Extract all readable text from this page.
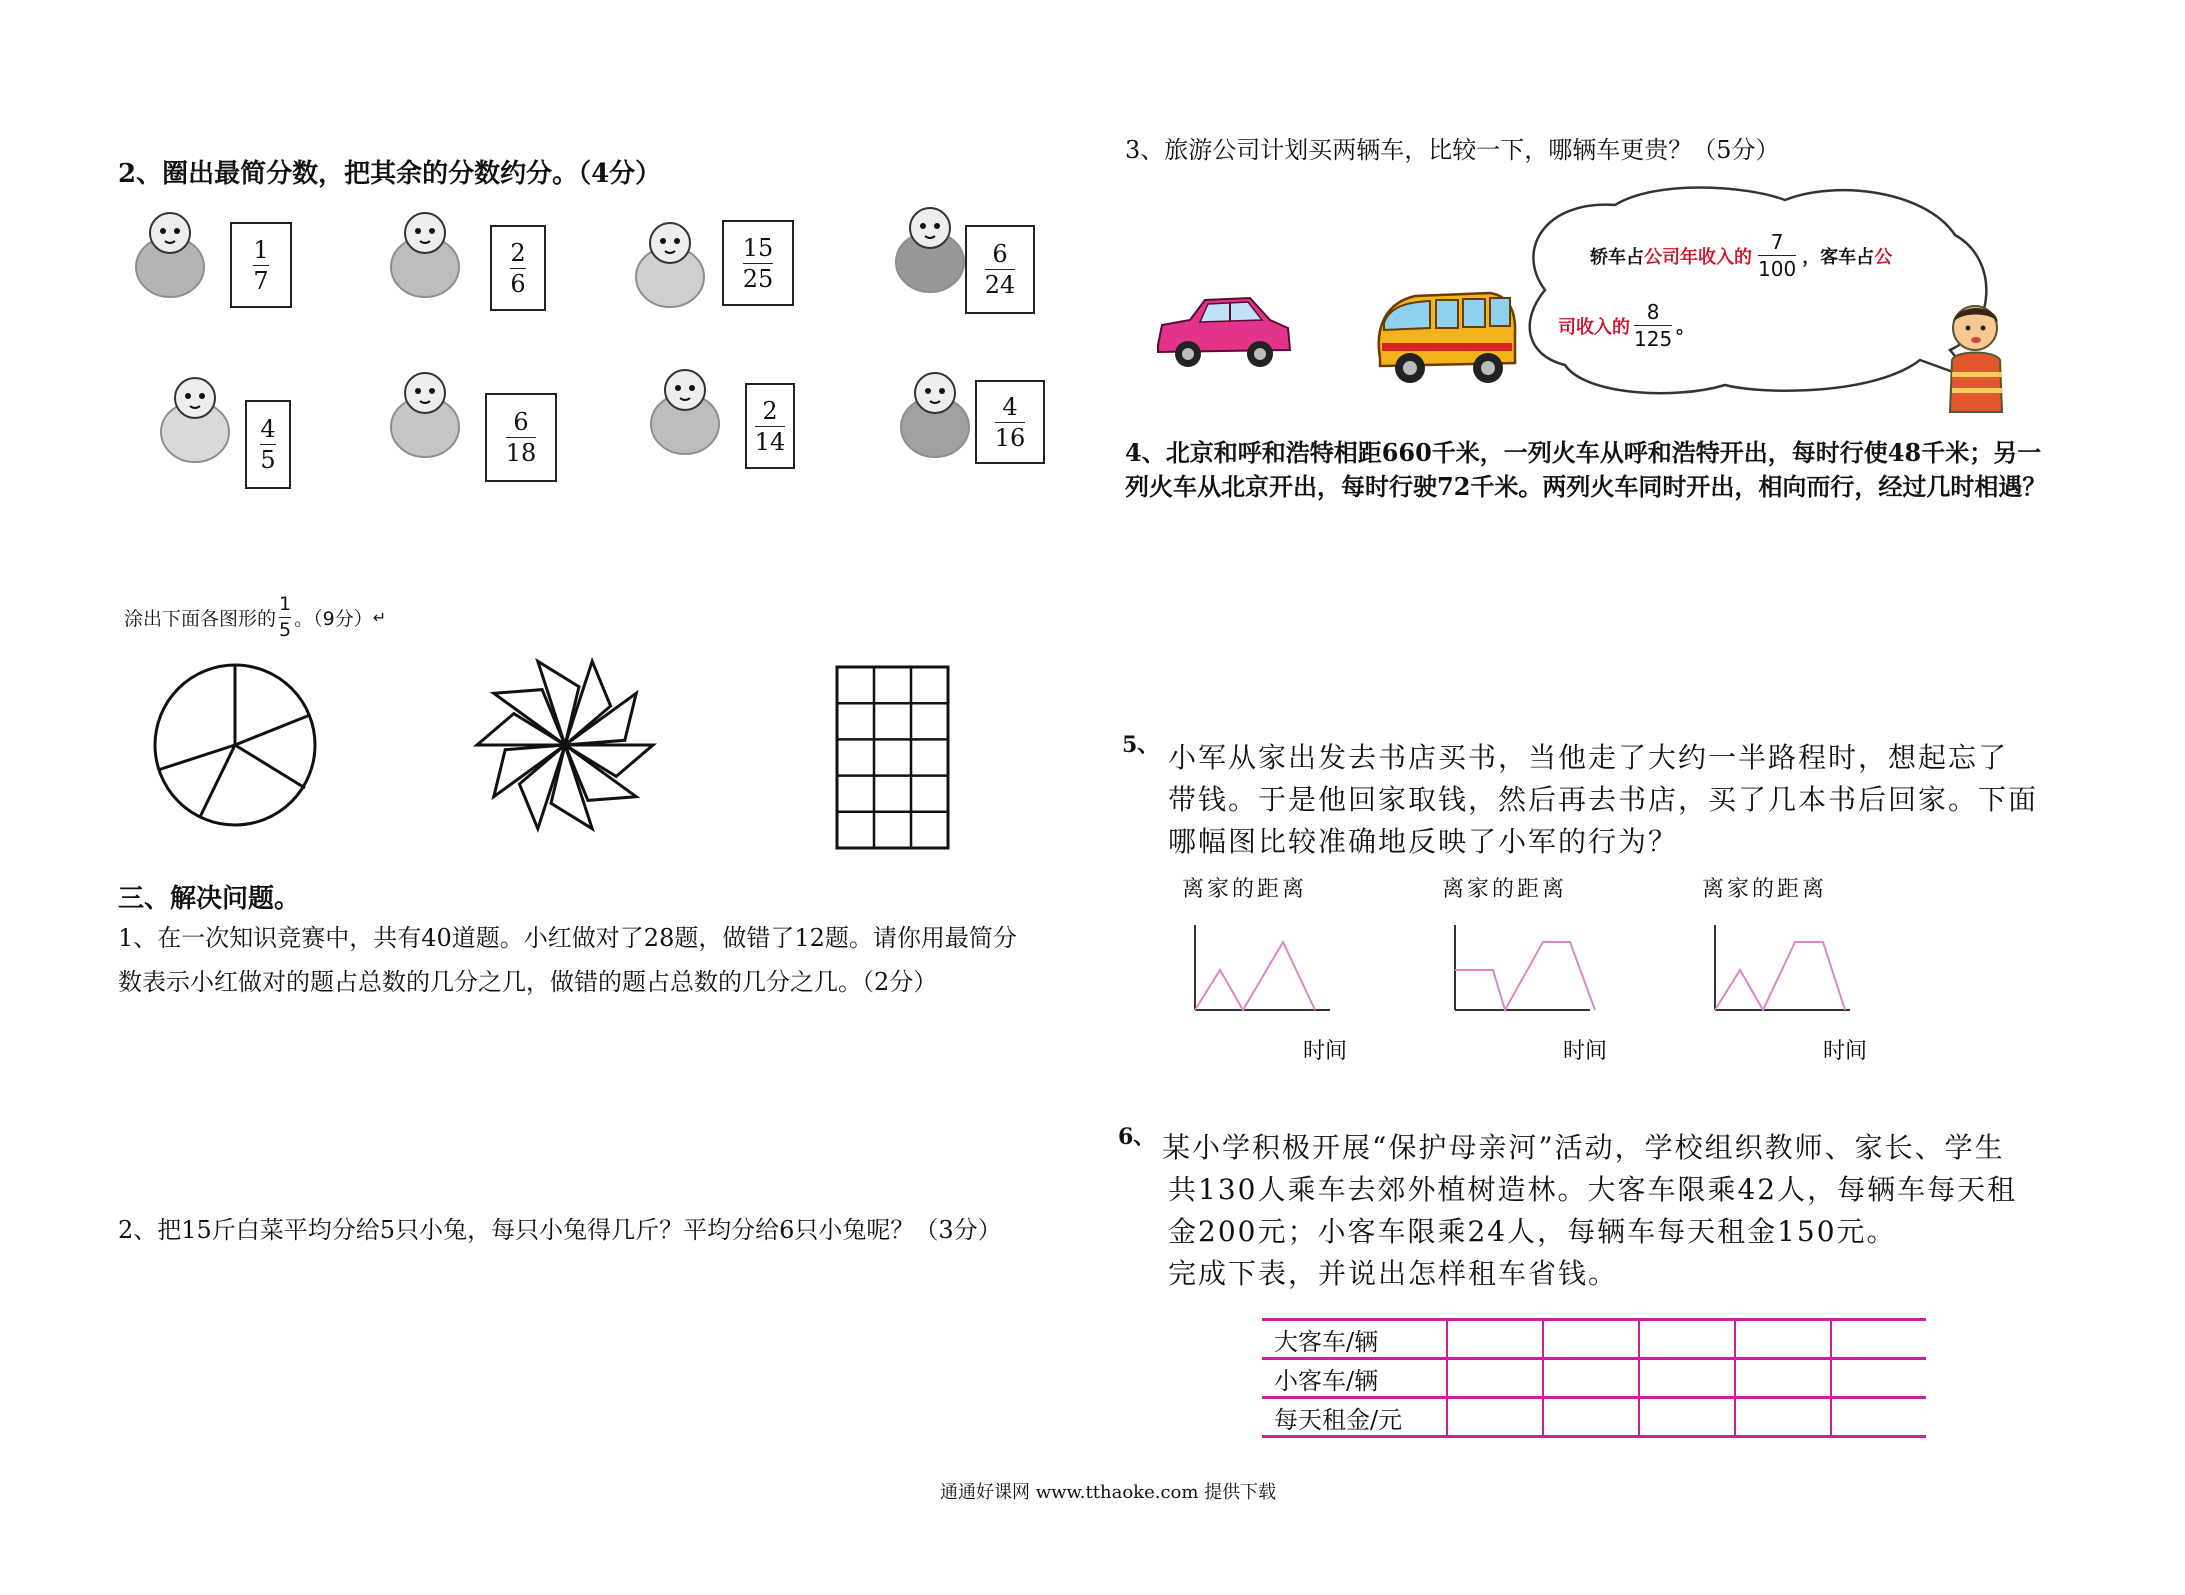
2、圈出最简分数，把其余的分数约分。（4分）
$\frac{1}{7}$	$\frac{2}{6}$	$\frac{15}{25}$	$\frac{6}{24}$
$\frac{4}{5}$	$\frac{6}{18}$	$\frac{2}{14}$	$\frac{4}{16}$
涂出下面各图形的 $\frac{1}{5}$ 。（9分） ↵
三、解决问题。
1、在一次知识竞赛中，共有40道题。小红做对了28题，做错了12题。请你用最简分
数表示小红做对的题占总数的几分之几，做错的题占总数的几分之几。（2分）
2、把15斤白菜平均分给5只小兔，每只小兔得几斤？平均分给6只小兔呢？（3分）
3、旅游公司计划买两辆车，比较一下，哪辆车更贵？（5分）
轿车占 公司年收入的 $\frac{7}{100}$ ，客车占 公
司收入的 $\frac{8}{125}$ 。
4、北京和呼和浩特相距660千米，一列火车从呼和浩特开出，每时行使48千米；另一
列火车从北京开出，每时行驶72千米。两列火车同时开出，相向而行，经过几时相遇？
5、 小军从家出发去书店买书，当他走了大约一半路程时，想起忘了
带钱。于是他回家取钱，然后再去书店，买了几本书后回家。下面
哪幅图比较准确地反映了小军的行为？
时间
离家的距离
时间
离家的距离
时间
离家的距离
6、 某小学积极开展“保护母亲河”活动，学校组织教师、家长、学生
共130人乘车去郊外植树造林。大客车限乘42人，每辆车每天租
金200元；小客车限乘24人，每辆车每天租金150元。
完成下表，并说出怎样租车省钱。
大客车/辆					
小客车/辆					
每天租金/元					
通通好课网 www.tthaoke.com 提供下载
